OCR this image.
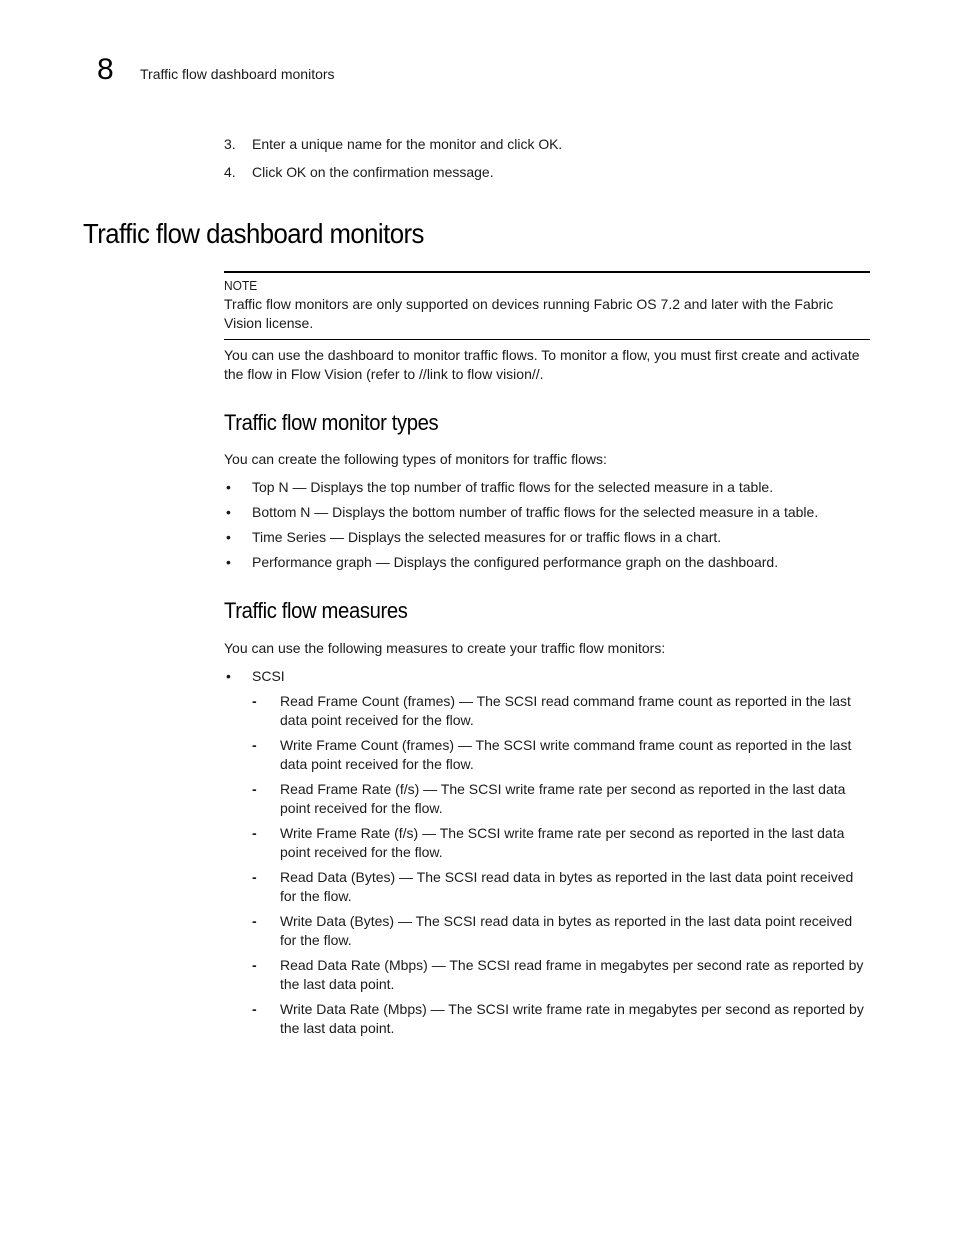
8 Traffic flow dashboard monitors
3. Enter a unique name for the monitor and click OK.
4. Click OK on the confirmation message.
Traffic flow dashboard monitors
NOTE

Traffic flow monitors are only supported on devices running Fabric OS 7.2 and later with the Fabric Vision license.

You can use the dashboard to monitor traffic flows. To monitor a flow, you must first create and activate the flow in Flow Vision (refer to //link to flow vision//.

Traffic flow monitor types

You can create the following types of monitors for traffic flows:

• Top N — Displays the top number of traffic flows for the selected measure in a table.
• Bottom N — Displays the bottom number of traffic flows for the selected measure in a table.
• Time Series — Displays the selected measures for or traffic flows in a chart.
• Performance graph — Displays the configured performance graph on the dashboard.
Traffic flow measures

You can use the following measures to create your traffic flow monitors:

• SCSI
- Read Frame Count (frames) — The SCSI read command frame count as reported in the last data point received for the flow.
- Write Frame Count (frames) — The SCSI write command frame count as reported in the last data point received for the flow.
- Read Frame Rate (f/s) — The SCSI write frame rate per second as reported in the last data point received for the flow.
- Write Frame Rate (f/s) — The SCSI write frame rate per second as reported in the last data point received for the flow.
- Read Data (Bytes) — The SCSI read data in bytes as reported in the last data point received for the flow.
- Write Data (Bytes) — The SCSI read data in bytes as reported in the last data point received for the flow.
- Read Data Rate (Mbps) — The SCSI read frame in megabytes per second rate as reported by the last data point.
- Write Data Rate (Mbps) — The SCSI write frame rate in megabytes per second as reported by the last data point.
